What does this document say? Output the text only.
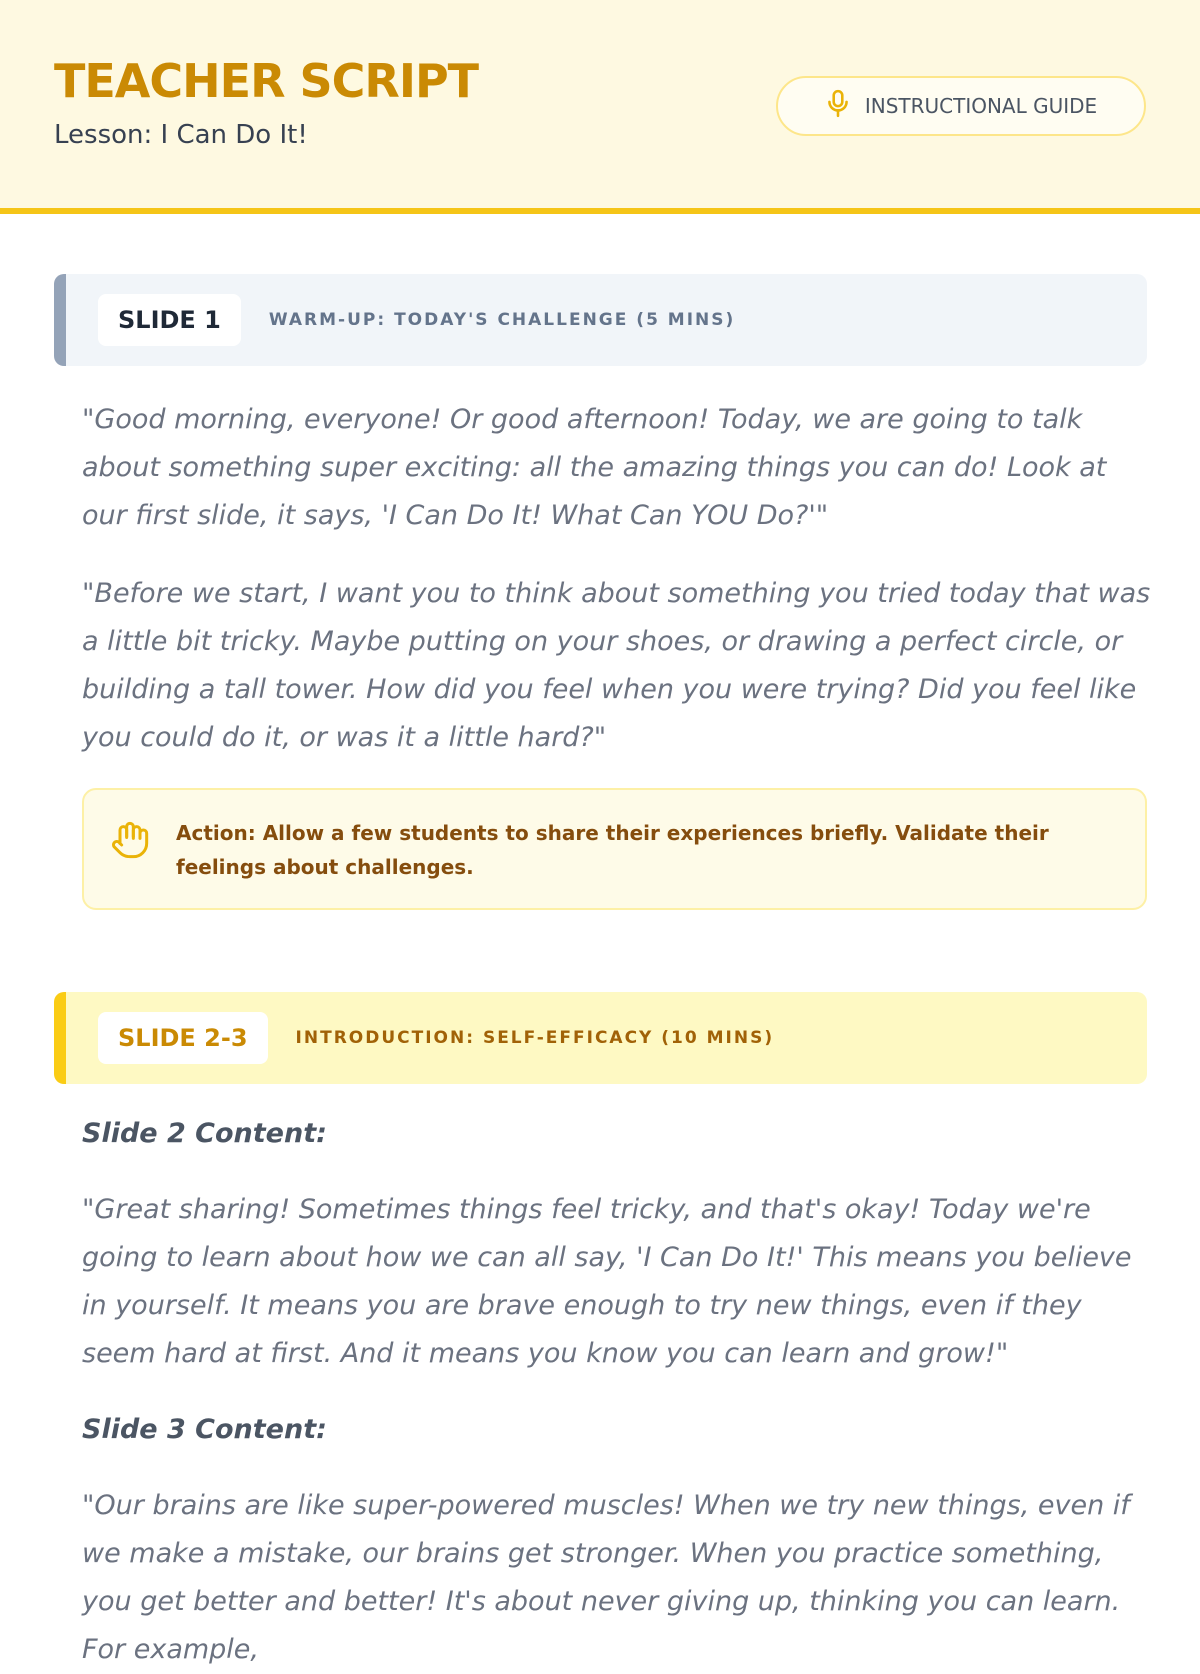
TEACHER SCRIPT
Lesson: I Can Do It!
INSTRUCTIONAL GUIDE
SLIDE 1	WARM-UP: TODAY'S CHALLENGE (5 MINS)

"Good morning, everyone! Or good afternoon! Today, we are going to talk about something super exciting: all the amazing things you can do! Look at our first slide, it says, 'I Can Do It! What Can YOU Do?'"

"Before we start, I want you to think about something you tried today that was a little bit tricky. Maybe putting on your shoes, or drawing a perfect circle, or building a tall tower. How did you feel when you were trying? Did you feel like you could do it, or was it a little hard?"

Action: Allow a few students to share their experiences briefly. Validate their feelings about challenges.
SLIDE 2-3	INTRODUCTION: SELF-EFFICACY (10 MINS)

Slide 2 Content:

"Great sharing! Sometimes things feel tricky, and that's okay! Today we're going to learn about how we can all say, 'I Can Do It!' This means you believe in yourself. It means you are brave enough to try new things, even if they seem hard at first. And it means you know you can learn and grow!"

Slide 3 Content:

"Our brains are like super-powered muscles! When we try new things, even if we make a mistake, our brains get stronger. When you practice something, you get better and better! It's about never giving up, thinking you can learn. For example,
